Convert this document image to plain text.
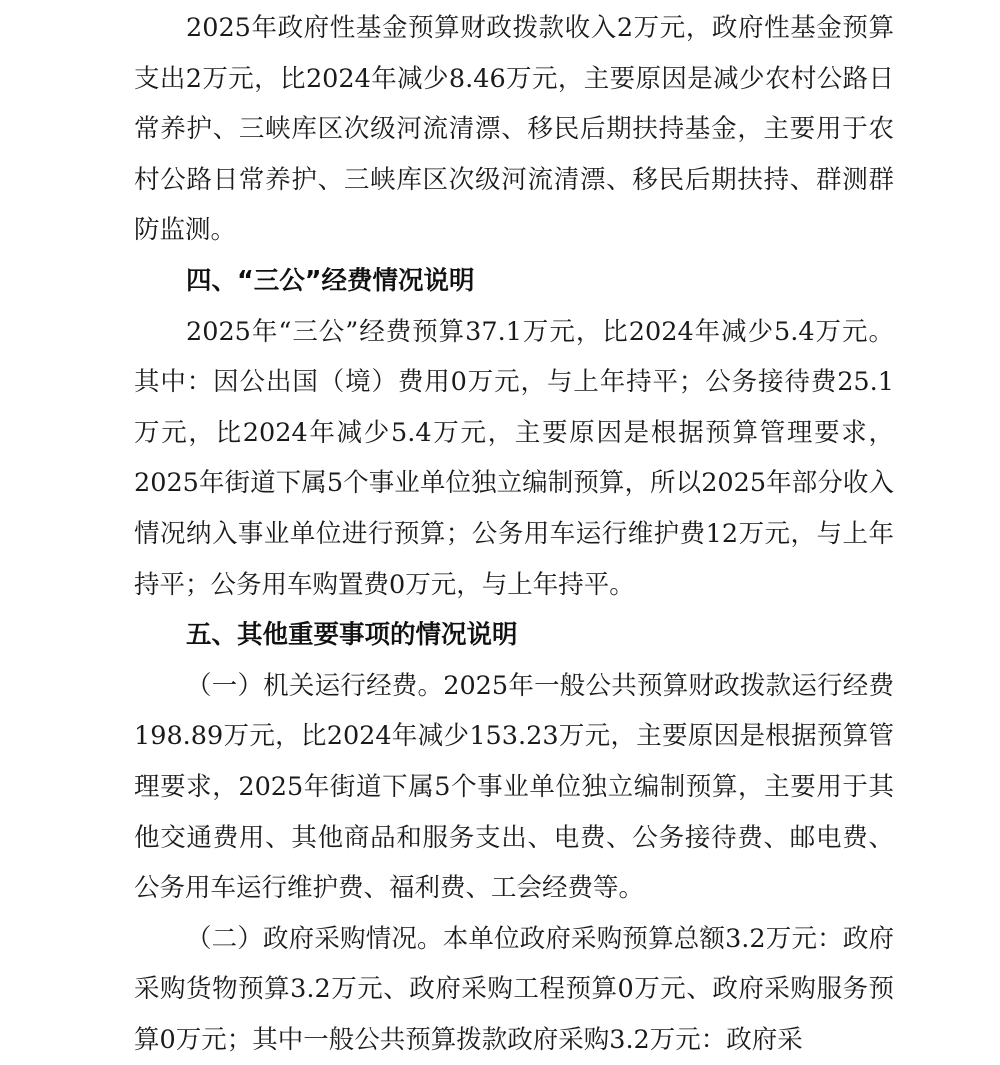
2025年政府性基金预算财政拨款收入2万元，政府性基金预算支出2万元，比2024年减少8.46万元，主要原因是减少农村公路日常养护、三峡库区次级河流清漂、移民后期扶持基金，主要用于农村公路日常养护、三峡库区次级河流清漂、移民后期扶持、群测群防监测。

四、“三公”经费情况说明

2025年“三公”经费预算37.1万元，比2024年减少5.4万元。其中：因公出国（境）费用0万元，与上年持平；公务接待费25.1万元，比2024年减少5.4万元，主要原因是根据预算管理要求，2025年街道下属5个事业单位独立编制预算，所以2025年部分收入情况纳入事业单位进行预算；公务用车运行维护费12万元，与上年持平；公务用车购置费0万元，与上年持平。

五、其他重要事项的情况说明

（一）机关运行经费。2025年一般公共预算财政拨款运行经费198.89万元，比2024年减少153.23万元，主要原因是根据预算管理要求，2025年街道下属5个事业单位独立编制预算，主要用于其他交通费用、其他商品和服务支出、电费、公务接待费、邮电费、公务用车运行维护费、福利费、工会经费等。

（二）政府采购情况。本单位政府采购预算总额3.2万元：政府采购货物预算3.2万元、政府采购工程预算0万元、政府采购服务预算0万元；其中一般公共预算拨款政府采购3.2万元：政府采
